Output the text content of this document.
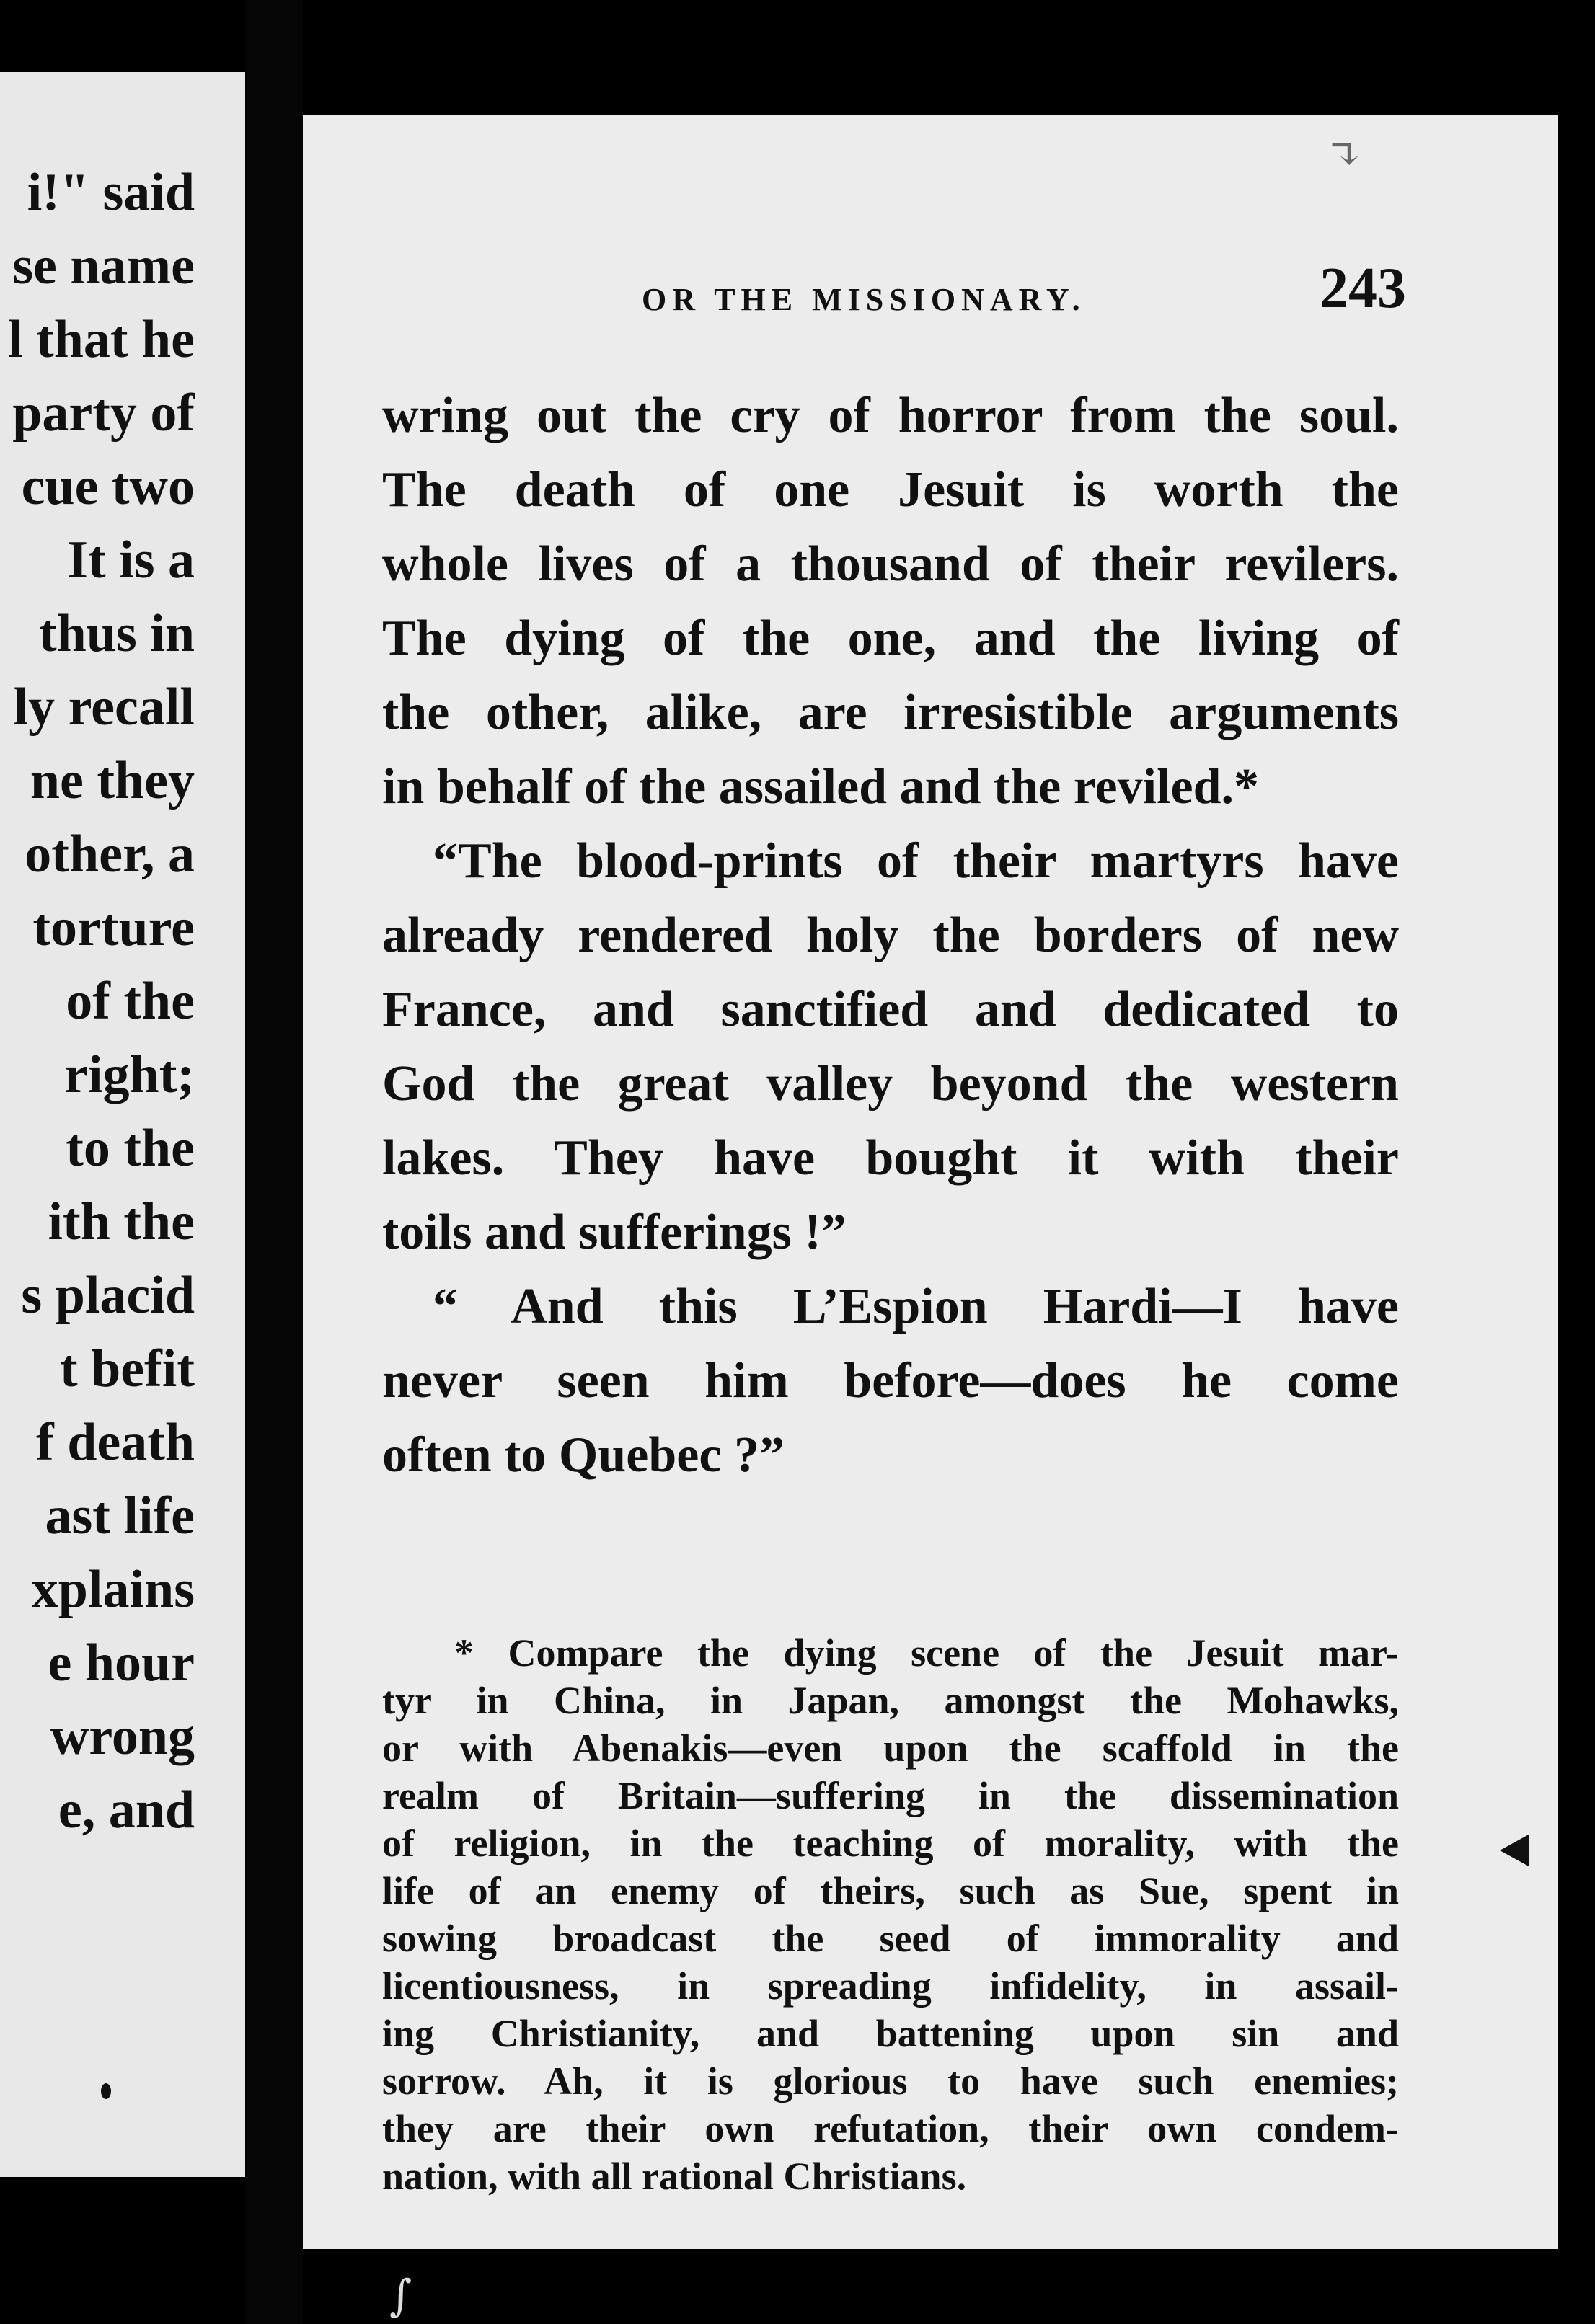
i!" said
se name
l that he
party of
cue two
It is a
thus in
ly recall
ne they
other, a
torture
of the
right;
to the
ith the
s placid
t befit
f death
ast life
xplains
e hour
wrong
e, and
↴
OR THE MISSIONARY.	243
wring out the cry of horror from the soul.
The death of one Jesuit is worth the
whole lives of a thousand of their revilers.
The dying of the one, and the living of
the other, alike, are irresistible arguments
in behalf of the assailed and the reviled.*
“The blood-prints of their martyrs have
already rendered holy the borders of new
France, and sanctified and dedicated to
God the great valley beyond the western
lakes. They have bought it with their
toils and sufferings !”
“ And this L’Espion Hardi—I have
never seen him before—does he come
often to Quebec ?”
* Compare the dying scene of the Jesuit mar-
tyr in China, in Japan, amongst the Mohawks,
or with Abenakis—even upon the scaffold in the
realm of Britain—suffering in the dissemination
of religion, in the teaching of morality, with the
life of an enemy of theirs, such as Sue, spent in
sowing broadcast the seed of immorality and
licentiousness, in spreading infidelity, in assail-
ing Christianity, and battening upon sin and
sorrow. Ah, it is glorious to have such enemies;
they are their own refutation, their own condem-
nation, with all rational Christians.
∫
